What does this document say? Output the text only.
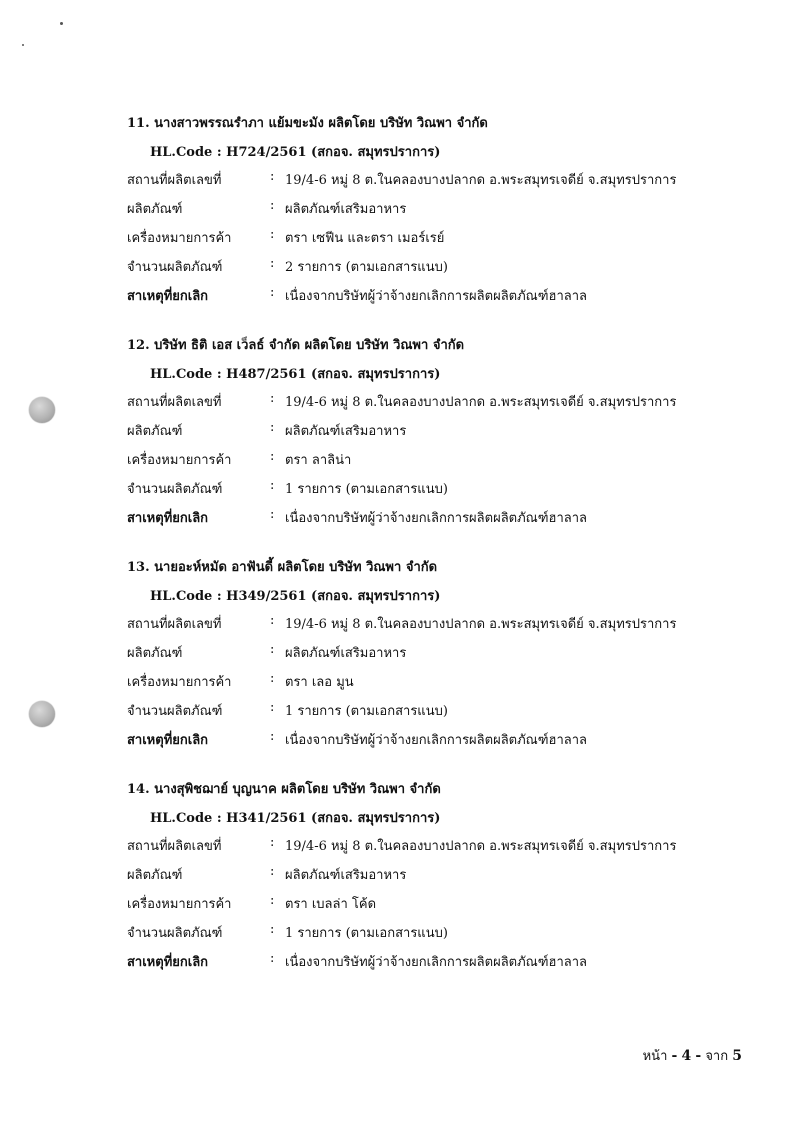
11. นางสาวพรรณรำภา แย้มขะมัง ผลิตโดย บริษัท วิณพา จำกัด
HL.Code : H724/2561 (สกอจ. สมุทรปราการ)
สถานที่ผลิตเลขที่	: 19/4-6 หมู่ 8 ต.ในคลองบางปลากด อ.พระสมุทรเจดีย์ จ.สมุทรปราการ
ผลิตภัณฑ์	: ผลิตภัณฑ์เสริมอาหาร
เครื่องหมายการค้า	: ตรา เซฟีน และตรา เมอร์เรย์
จำนวนผลิตภัณฑ์	: 2 รายการ (ตามเอกสารแนบ)
สาเหตุที่ยกเลิก	: เนื่องจากบริษัทผู้ว่าจ้างยกเลิกการผลิตผลิตภัณฑ์ฮาลาล
12. บริษัท ธิติ เอส เว็ลธ์ จำกัด ผลิตโดย บริษัท วิณพา จำกัด
HL.Code : H487/2561 (สกอจ. สมุทรปราการ)
สถานที่ผลิตเลขที่	: 19/4-6 หมู่ 8 ต.ในคลองบางปลากด อ.พระสมุทรเจดีย์ จ.สมุทรปราการ
ผลิตภัณฑ์	: ผลิตภัณฑ์เสริมอาหาร
เครื่องหมายการค้า	: ตรา ลาลิน่า
จำนวนผลิตภัณฑ์	: 1 รายการ (ตามเอกสารแนบ)
สาเหตุที่ยกเลิก	: เนื่องจากบริษัทผู้ว่าจ้างยกเลิกการผลิตผลิตภัณฑ์ฮาลาล
13. นายอะห์หมัด อาฟันดี้ ผลิตโดย บริษัท วิณพา จำกัด
HL.Code : H349/2561 (สกอจ. สมุทรปราการ)
สถานที่ผลิตเลขที่	: 19/4-6 หมู่ 8 ต.ในคลองบางปลากด อ.พระสมุทรเจดีย์ จ.สมุทรปราการ
ผลิตภัณฑ์	: ผลิตภัณฑ์เสริมอาหาร
เครื่องหมายการค้า	: ตรา เลอ มูน
จำนวนผลิตภัณฑ์	: 1 รายการ (ตามเอกสารแนบ)
สาเหตุที่ยกเลิก	: เนื่องจากบริษัทผู้ว่าจ้างยกเลิกการผลิตผลิตภัณฑ์ฮาลาล
14. นางสุพิชฌาย์ บุญนาค ผลิตโดย บริษัท วิณพา จำกัด
HL.Code : H341/2561 (สกอจ. สมุทรปราการ)
สถานที่ผลิตเลขที่	: 19/4-6 หมู่ 8 ต.ในคลองบางปลากด อ.พระสมุทรเจดีย์ จ.สมุทรปราการ
ผลิตภัณฑ์	: ผลิตภัณฑ์เสริมอาหาร
เครื่องหมายการค้า	: ตรา เบลล่า โค้ด
จำนวนผลิตภัณฑ์	: 1 รายการ (ตามเอกสารแนบ)
สาเหตุที่ยกเลิก	: เนื่องจากบริษัทผู้ว่าจ้างยกเลิกการผลิตผลิตภัณฑ์ฮาลาล
หน้า - 4 - จาก 5
